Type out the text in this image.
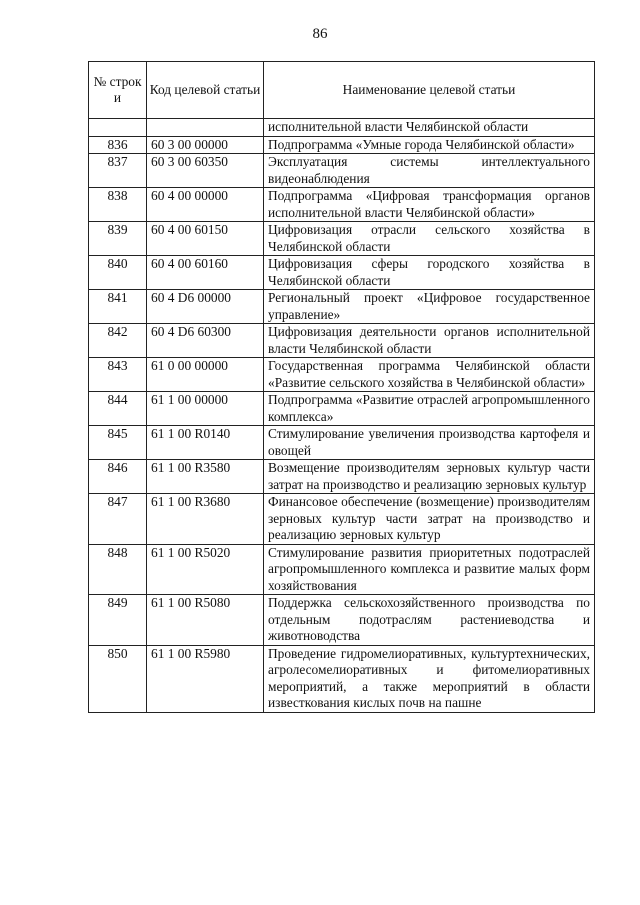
86
№ строк и	Код целевой статьи	Наименование целевой статьи
		исполнительной власти Челябинской области
836	60 3 00 00000	Подпрограмма «Умные города Челябинской области»
837	60 3 00 60350	Эксплуатация системы интеллектуального видеонаблюдения
838	60 4 00 00000	Подпрограмма «Цифровая трансформация органов исполнительной власти Челябинской области»
839	60 4 00 60150	Цифровизация отрасли сельского хозяйства в Челябинской области
840	60 4 00 60160	Цифровизация сферы городского хозяйства в Челябинской области
841	60 4 D6 00000	Региональный проект «Цифровое государственное управление»
842	60 4 D6 60300	Цифровизация деятельности органов исполнительной власти Челябинской области
843	61 0 00 00000	Государственная программа Челябинской области «Развитие сельского хозяйства в Челябинской области»
844	61 1 00 00000	Подпрограмма «Развитие отраслей агропромышленного комплекса»
845	61 1 00 R0140	Стимулирование увеличения производства картофеля и овощей
846	61 1 00 R3580	Возмещение производителям зерновых культур части затрат на производство и реализацию зерновых культур
847	61 1 00 R3680	Финансовое обеспечение (возмещение) производителям зерновых культур части затрат на производство и реализацию зерновых культур
848	61 1 00 R5020	Стимулирование развития приоритетных подотраслей агропромышленного комплекса и развитие малых форм хозяйствования
849	61 1 00 R5080	Поддержка сельскохозяйственного производства по отдельным подотраслям растениеводства и животноводства
850	61 1 00 R5980	Проведение гидромелиоративных, культуртехнических, агролесомелиоративных и фитомелиоративных мероприятий, а также мероприятий в области известкования кислых почв на пашне
